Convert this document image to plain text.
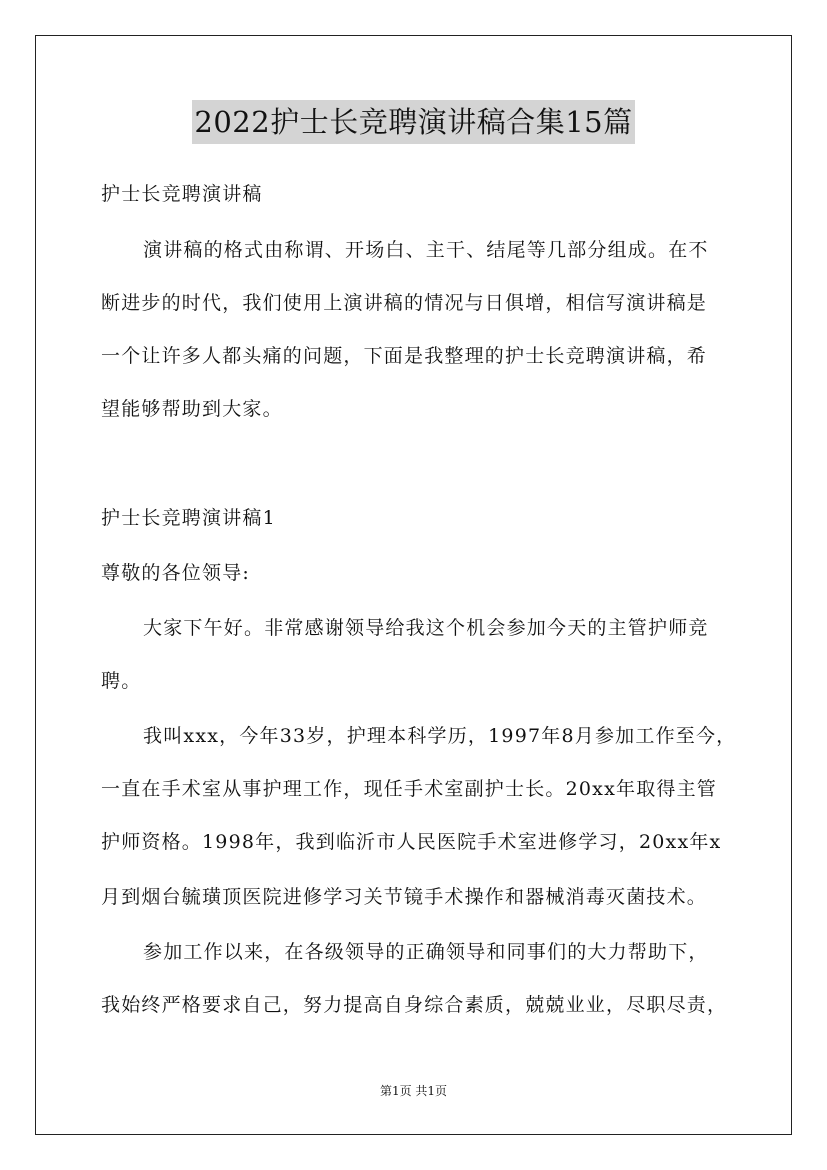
2022护士长竞聘演讲稿合集15篇
护士长竞聘演讲稿
演讲稿的格式由称谓、开场白、主干、结尾等几部分组成。在不
断进步的时代，我们使用上演讲稿的情况与日俱增，相信写演讲稿是
一个让许多人都头痛的问题，下面是我整理的护士长竞聘演讲稿，希
望能够帮助到大家。
护士长竞聘演讲稿1
尊敬的各位领导:
大家下午好。非常感谢领导给我这个机会参加今天的主管护师竞
聘。
我叫xxx，今年33岁，护理本科学历，1997年8月参加工作至今，
一直在手术室从事护理工作，现任手术室副护士长。20xx年取得主管
护师资格。1998年，我到临沂市人民医院手术室进修学习，20xx年x
月到烟台毓璜顶医院进修学习关节镜手术操作和器械消毒灭菌技术。
参加工作以来，在各级领导的正确领导和同事们的大力帮助下，
我始终严格要求自己，努力提高自身综合素质，兢兢业业，尽职尽责，
第1页 共1页
